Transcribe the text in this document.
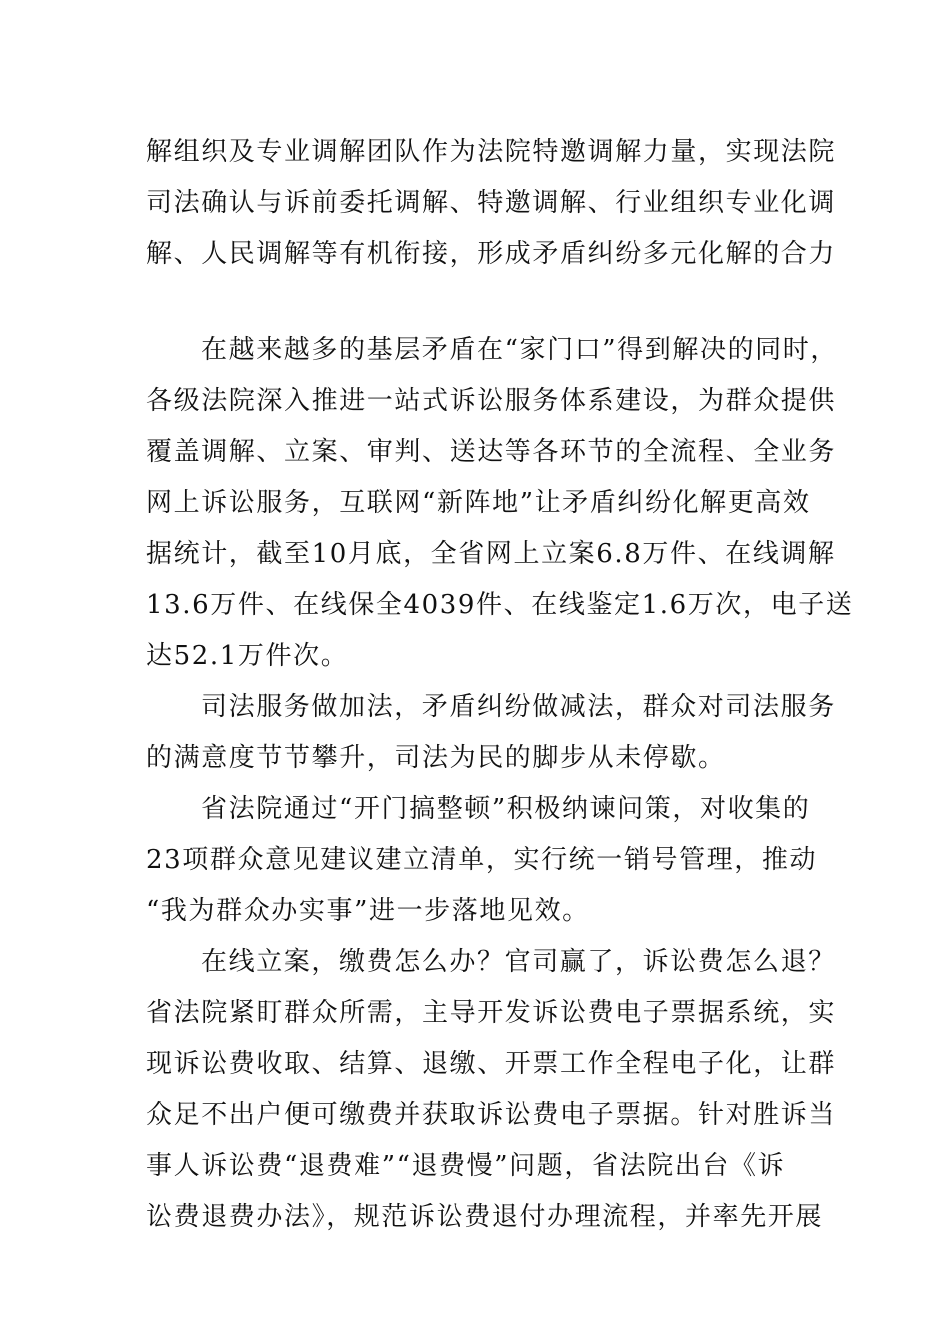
解组织及专业调解团队作为法院特邀调解力量，实现法院
司法确认与诉前委托调解、特邀调解、行业组织专业化调
解、人民调解等有机衔接，形成矛盾纠纷多元化解的合力
在越来越多的基层矛盾在“家门口”得到解决的同时，
各级法院深入推进一站式诉讼服务体系建设，为群众提供
覆盖调解、立案、审判、送达等各环节的全流程、全业务
网上诉讼服务，互联网“新阵地”让矛盾纠纷化解更高效
据统计，截至10月底，全省网上立案6.8万件、在线调解
13.6万件、在线保全4039件、在线鉴定1.6万次，电子送
达52.1万件次。
司法服务做加法，矛盾纠纷做减法，群众对司法服务
的满意度节节攀升，司法为民的脚步从未停歇。
省法院通过“开门搞整顿”积极纳谏问策，对收集的
23项群众意见建议建立清单，实行统一销号管理，推动
“我为群众办实事”进一步落地见效。
在线立案，缴费怎么办？官司赢了，诉讼费怎么退？
省法院紧盯群众所需，主导开发诉讼费电子票据系统，实
现诉讼费收取、结算、退缴、开票工作全程电子化，让群
众足不出户便可缴费并获取诉讼费电子票据。针对胜诉当
事人诉讼费“退费难”“退费慢”问题，省法院出台《诉
讼费退费办法》，规范诉讼费退付办理流程，并率先开展
